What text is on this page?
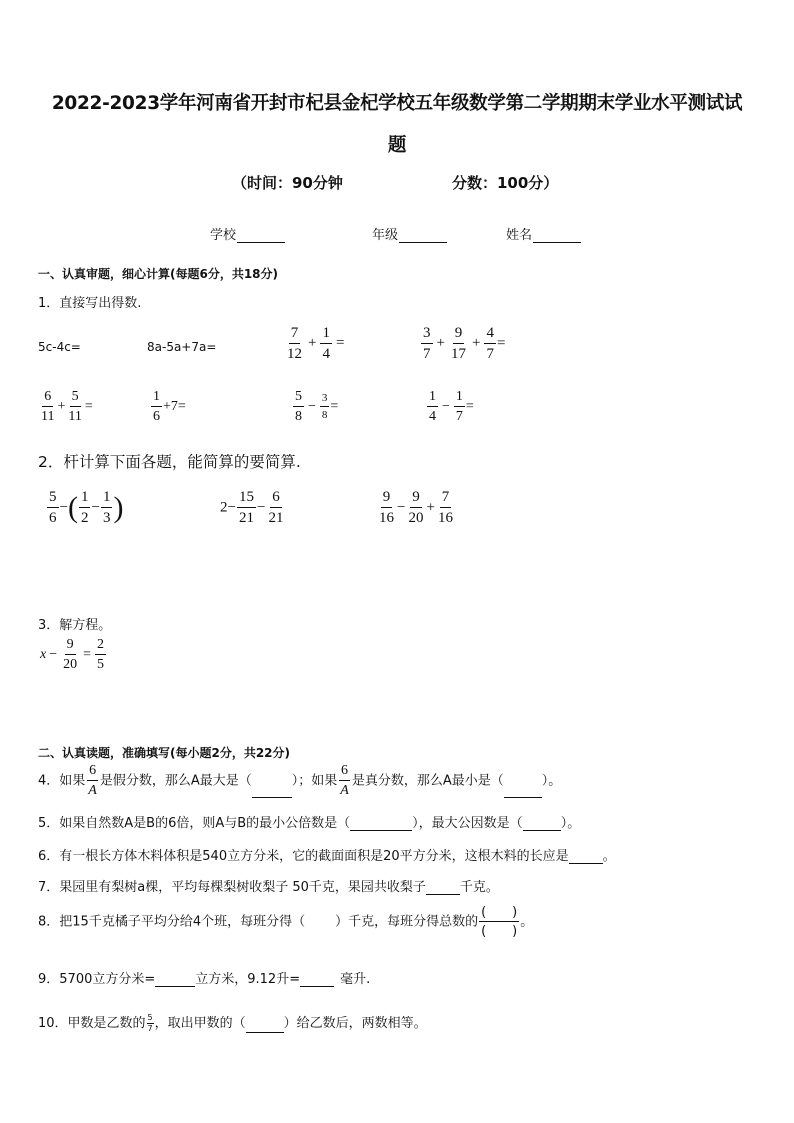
2022-2023学年河南省开封市杞县金杞学校五年级数学第二学期期末学业水平测试试
题
（时间：90分钟	分数：100分）
学校	年级	姓名
一、认真审题，细心计算(每题6分，共18分)
1．直接写出得数.
5c-4c=	8a-5a+7a=	$\frac{7}{12} + \frac{1}{4}$ =	$\frac{3}{7} + \frac{9}{17} + \frac{4}{7}$ =
$\frac{6}{11} + \frac{5}{11}$ =	$\frac{1}{6} +7=$	$\frac{5}{8} - \frac{3}{8}$ =	$\frac{1}{4} - \frac{1}{7}$ =
2．杆计算下面各题，能简算的要简算.
$\frac{5}{6}$ −( $\frac{1}{2} - \frac{1}{3}$ )	$2- \frac{15}{21} - \frac{6}{21}$	$\frac{9}{16} - \frac{9}{20} + \frac{7}{16}$
3．解方程。
$x - \frac{9}{20} = \frac{2}{5}$
二、认真读题，准确填写(每小题2分，共22分)
4．如果 $\frac{6}{A}$ 是假分数，那么A最大是（	）；如果 $\frac{6}{A}$ 是真分数，那么A最小是（	）。
5．如果自然数A是B的6倍，则A与B的最小公倍数是（	），最大公因数是（	）。
6．有一根长方体木料体积是540立方分米，它的截面面积是20平方分米，这根木料的长应是	。
7．果园里有梨树a棵，平均每棵梨树收梨子 50千克，果园共收梨子	千克。
8．把15千克橘子平均分给4个班，每班分得（ ）千克，每班分得总数的 $\frac{( )}{( )}$ 。
9．5700立方分米=	立方米，9.12升=	毫升.
10．甲数是乙数的 $\frac{5}{7}$ ，取出甲数的（	）给乙数后，两数相等。
